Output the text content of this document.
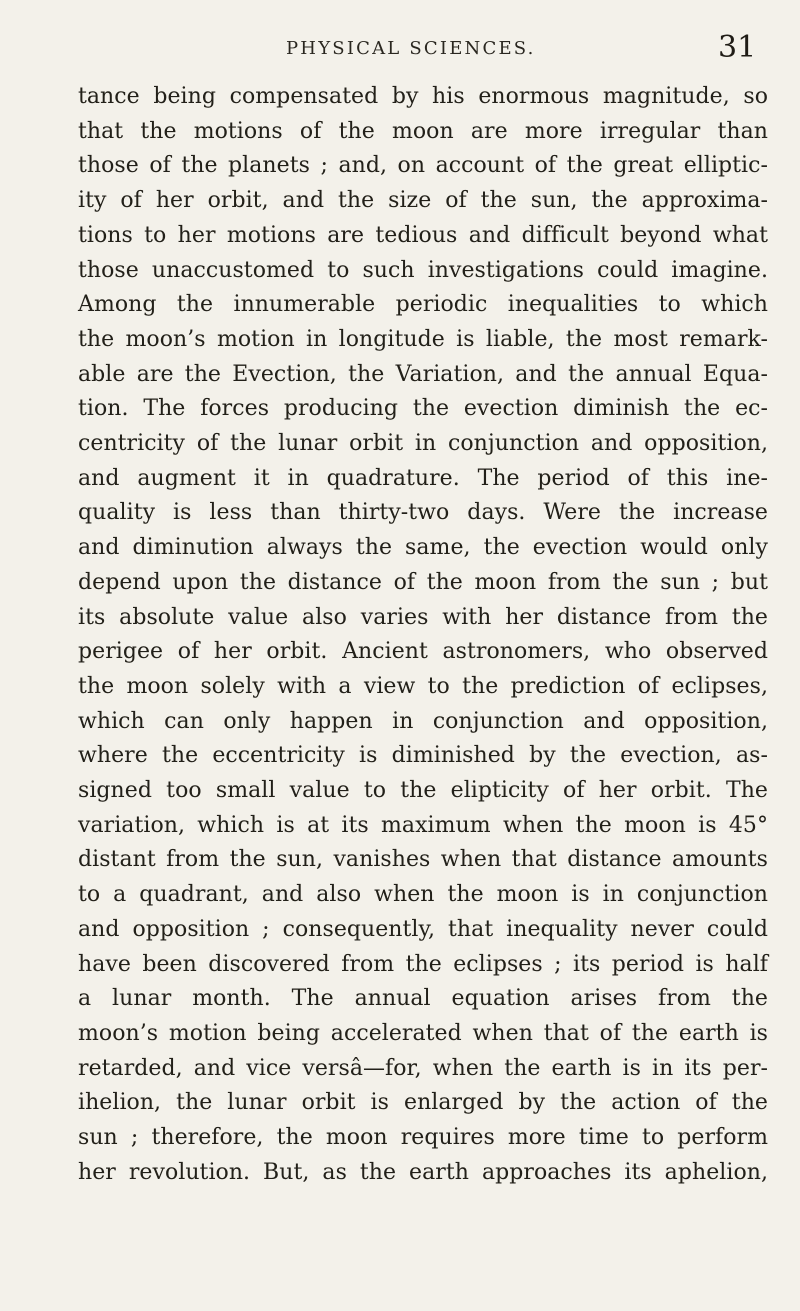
PHYSICAL SCIENCES.	31
tance being compensated by his enormous magnitude, so
that the motions of the moon are more irregular than
those of the planets ; and, on account of the great elliptic-
ity of her orbit, and the size of the sun, the approxima-
tions to her motions are tedious and difficult beyond what
those unaccustomed to such investigations could imagine.
Among the innumerable periodic inequalities to which
the moon’s motion in longitude is liable, the most remark-
able are the Evection, the Variation, and the annual Equa-
tion. The forces producing the evection diminish the ec-
centricity of the lunar orbit in conjunction and opposition,
and augment it in quadrature. The period of this ine-
quality is less than thirty-two days. Were the increase
and diminution always the same, the evection would only
depend upon the distance of the moon from the sun ; but
its absolute value also varies with her distance from the
perigee of her orbit. Ancient astronomers, who observed
the moon solely with a view to the prediction of eclipses,
which can only happen in conjunction and opposition,
where the eccentricity is diminished by the evection, as-
signed too small value to the elipticity of her orbit. The
variation, which is at its maximum when the moon is 45°
distant from the sun, vanishes when that distance amounts
to a quadrant, and also when the moon is in conjunction
and opposition ; consequently, that inequality never could
have been discovered from the eclipses ; its period is half
a lunar month. The annual equation arises from the
moon’s motion being accelerated when that of the earth is
retarded, and vice versâ—for, when the earth is in its per-
ihelion, the lunar orbit is enlarged by the action of the
sun ; therefore, the moon requires more time to perform
her revolution. But, as the earth approaches its aphelion,
